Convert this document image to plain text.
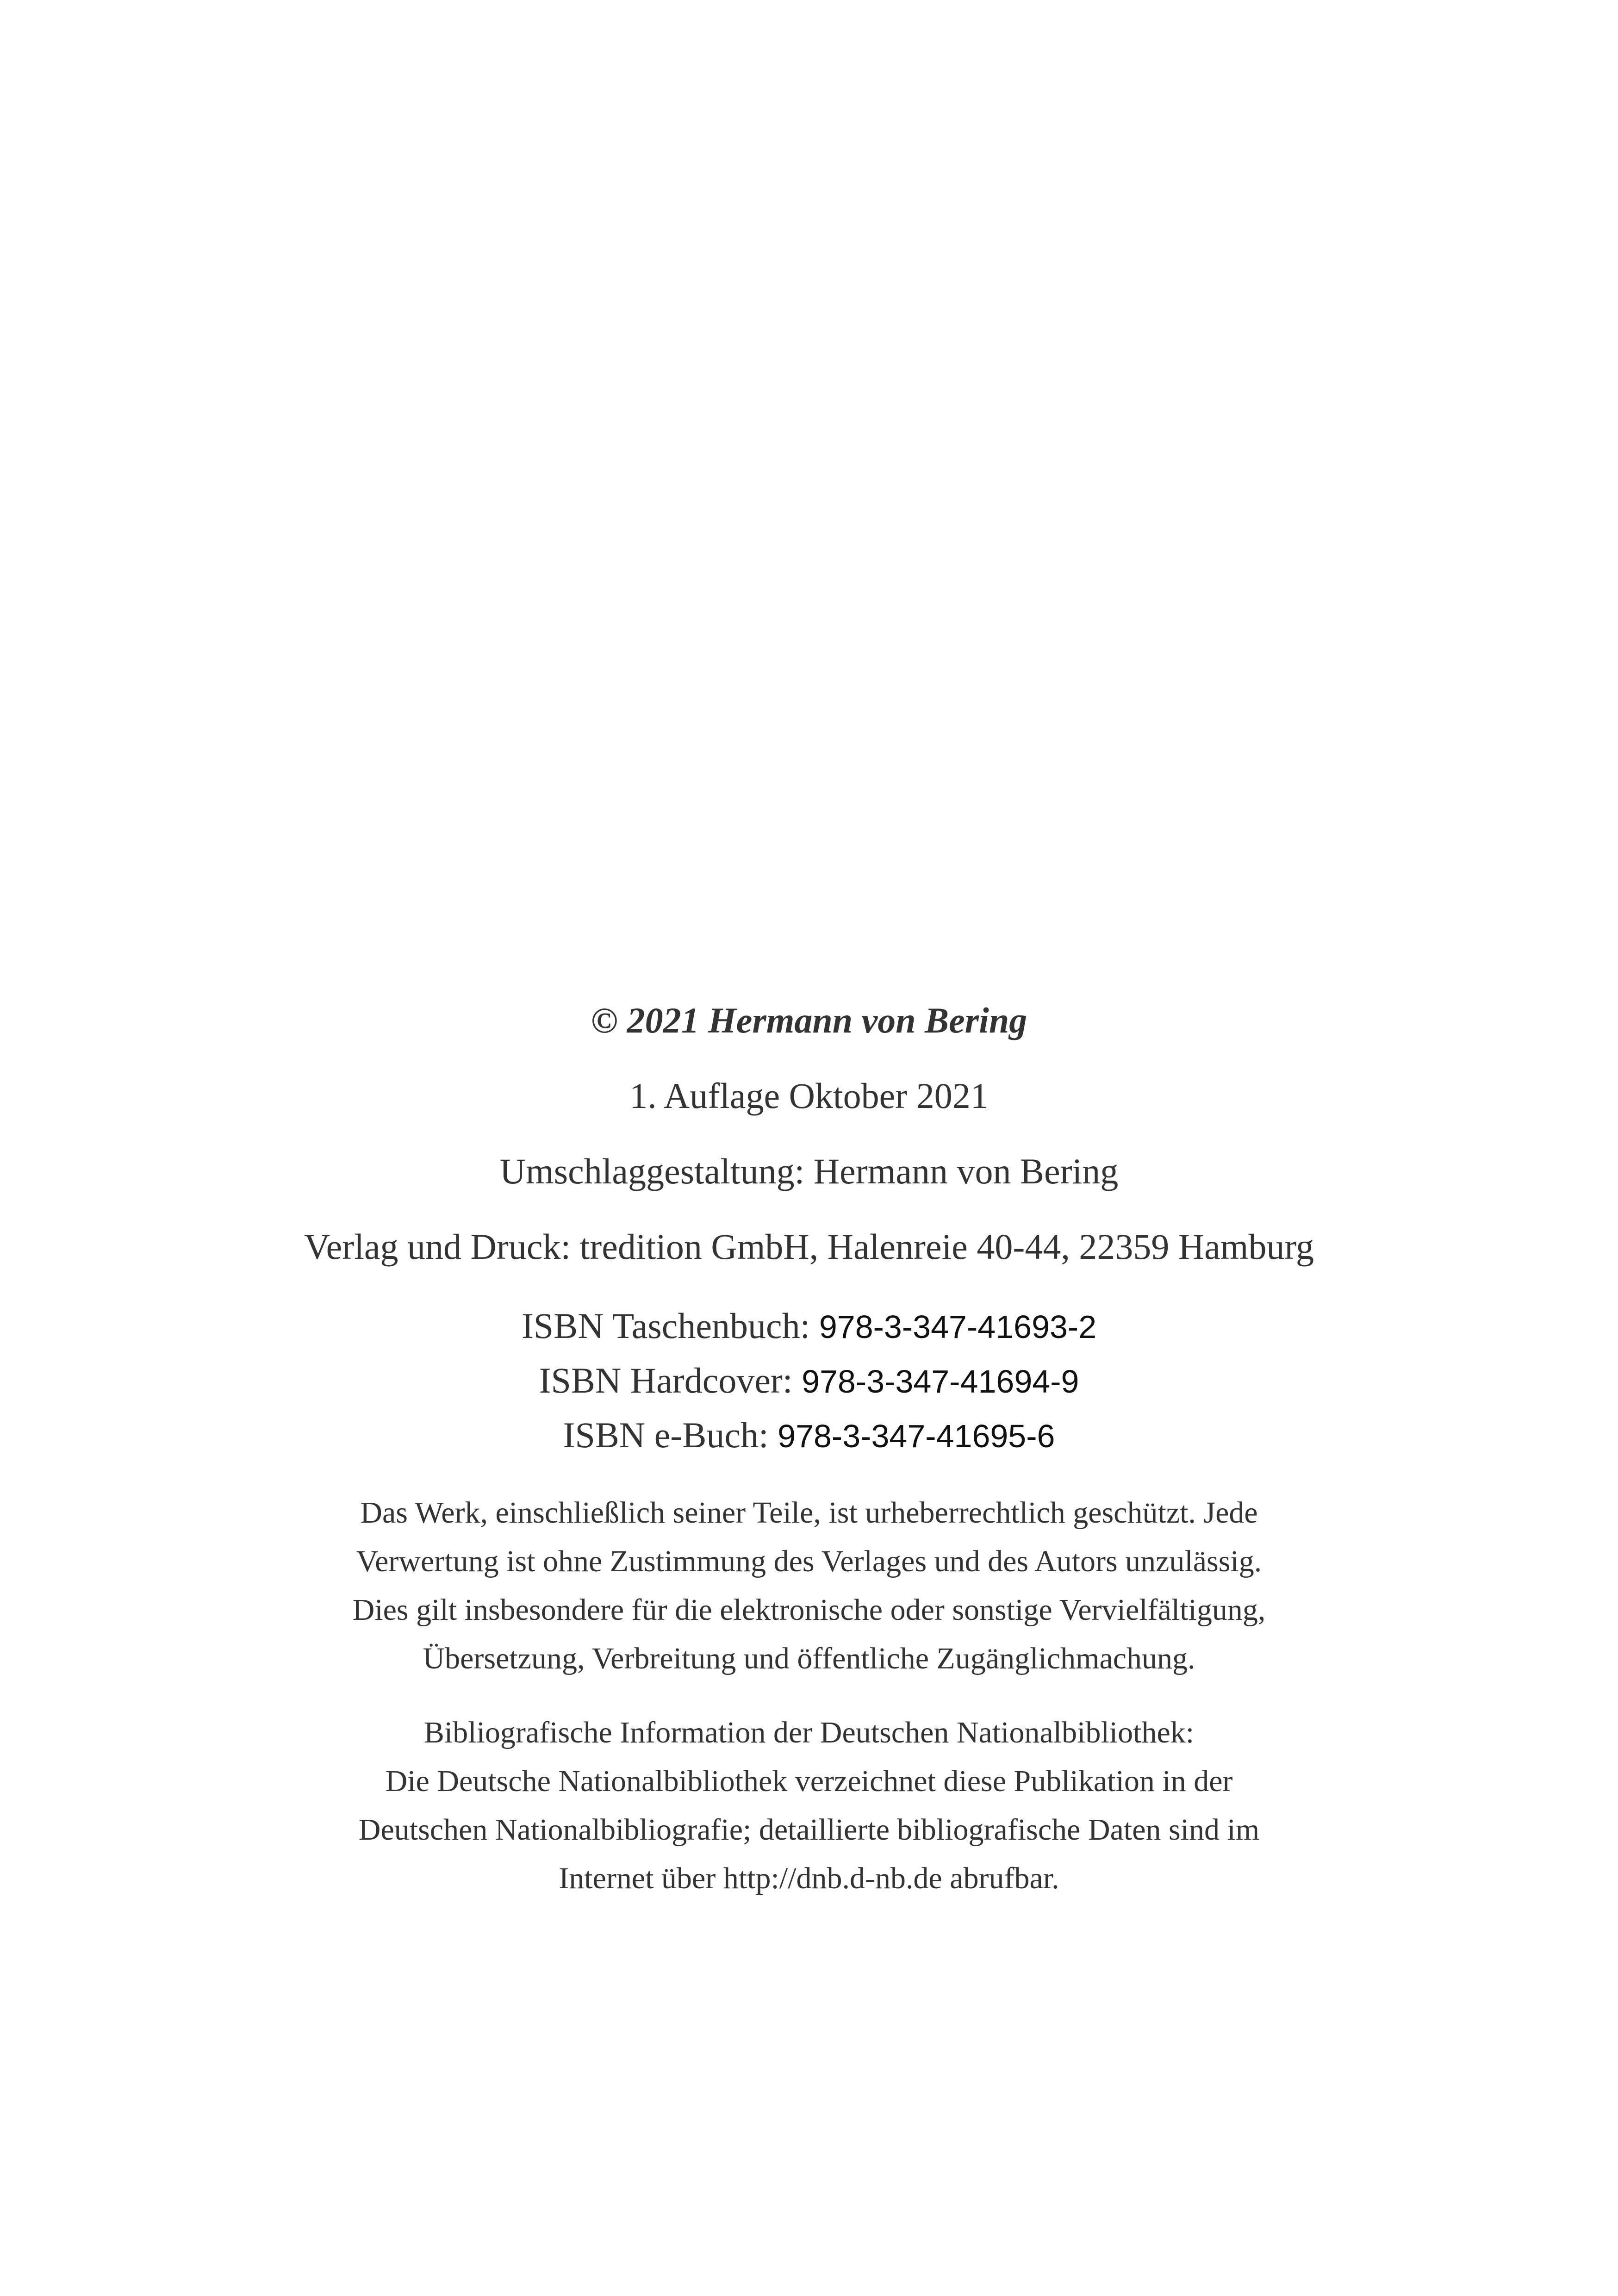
© 2021 Hermann von Bering

1. Auflage Oktober 2021

Umschlaggestaltung: Hermann von Bering

Verlag und Druck: tredition GmbH, Halenreie 40-44, 22359 Hamburg

ISBN Taschenbuch: 978-3-347-41693-2

ISBN Hardcover: 978-3-347-41694-9

ISBN e-Buch: 978-3-347-41695-6

Das Werk, einschließlich seiner Teile, ist urheberrechtlich geschützt. Jede

Verwertung ist ohne Zustimmung des Verlages und des Autors unzulässig.

Dies gilt insbesondere für die elektronische oder sonstige Vervielfältigung,

Übersetzung, Verbreitung und öffentliche Zugänglichmachung.

Bibliografische Information der Deutschen Nationalbibliothek:

Die Deutsche Nationalbibliothek verzeichnet diese Publikation in der

Deutschen Nationalbibliografie; detaillierte bibliografische Daten sind im

Internet über http://dnb.d-nb.de abrufbar.
